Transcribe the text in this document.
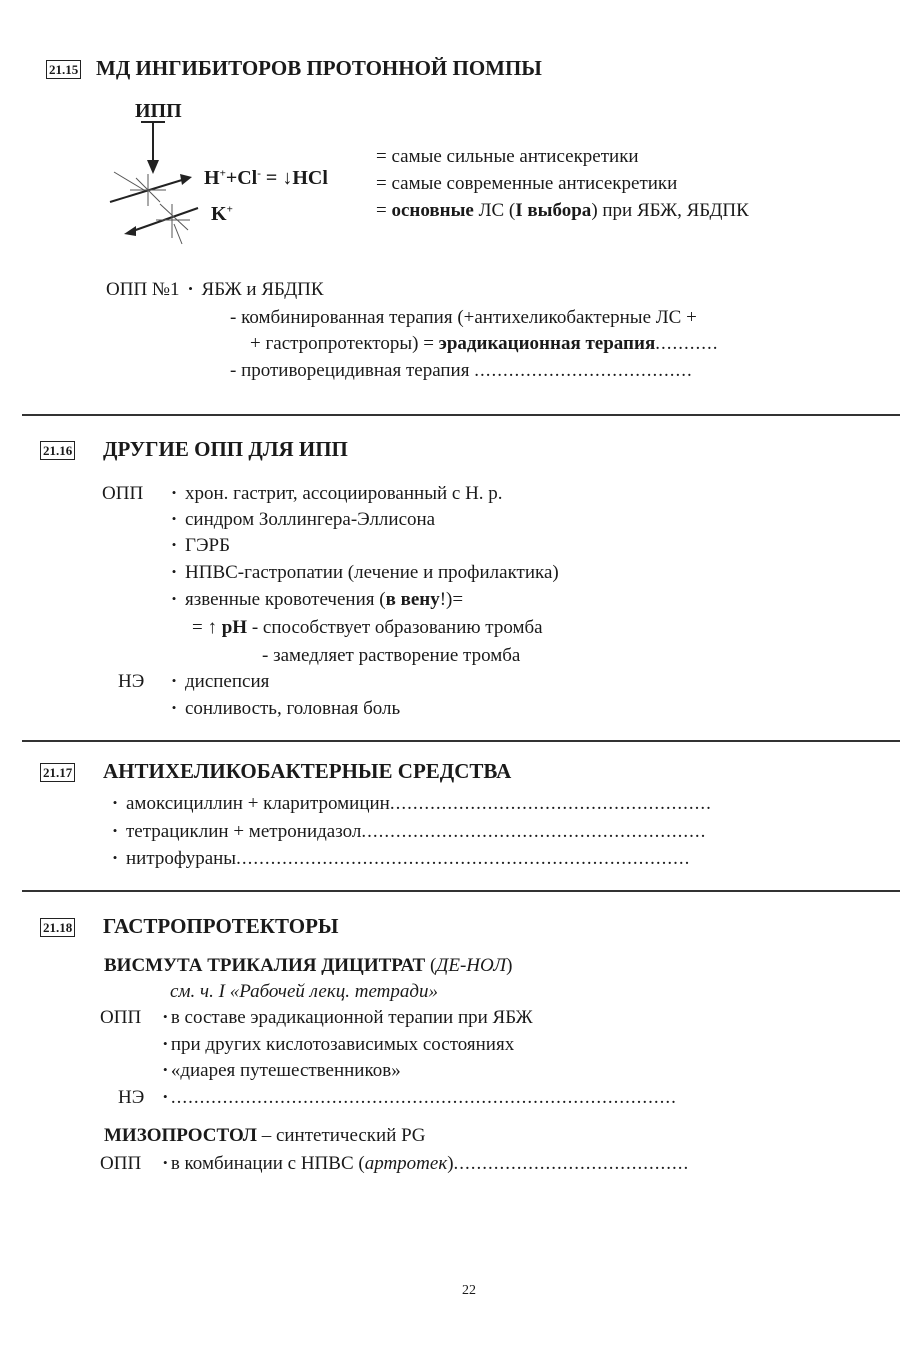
21.15 МД ИНГИБИТОРОВ ПРОТОННОЙ ПОМПЫ
ИПП
H++Cl- = ↓HCl
K+
= самые сильные антисекретики
= самые современные антисекретики
= основные ЛС (I выбора) при ЯБЖ, ЯБДПК
ОПП №1 • ЯБЖ и ЯБДПК
- комбинированная терапия (+антихеликобактерные ЛС +
+ гастропротекторы) = эрадикационная терапия...........
- противорецидивная терапия ......................................
21.16 ДРУГИЕ ОПП ДЛЯ ИПП
ОПП	• хрон. гастрит, ассоциированный с H. p.
• синдром Золлингера-Эллисона
• ГЭРБ
• НПВС-гастропатии (лечение и профилактика)
• язвенные кровотечения (в вену!)=
= ↑ pH - способствует образованию тромба
- замедляет растворение тромба
НЭ	• диспепсия
• сонливость, головная боль
21.17 АНТИХЕЛИКОБАКТЕРНЫЕ СРЕДСТВА
• амоксициллин + кларитромицин........................................................
• тетрациклин + метронидазол............................................................
• нитрофураны...............................................................................
21.18 ГАСТРОПРОТЕКТОРЫ
ВИСМУТА ТРИКАЛИЯ ДИЦИТРАТ (ДЕ-НОЛ)
см. ч. I «Рабочей лекц. тетради»
ОПП • в составе эрадикационной терапии при ЯБЖ
• при других кислотозависимых состояниях
• «диарея путешественников»
НЭ • ........................................................................................
МИЗОПРОСТОЛ – синтетический PG
ОПП • в комбинации с НПВС (артротек).........................................
22
